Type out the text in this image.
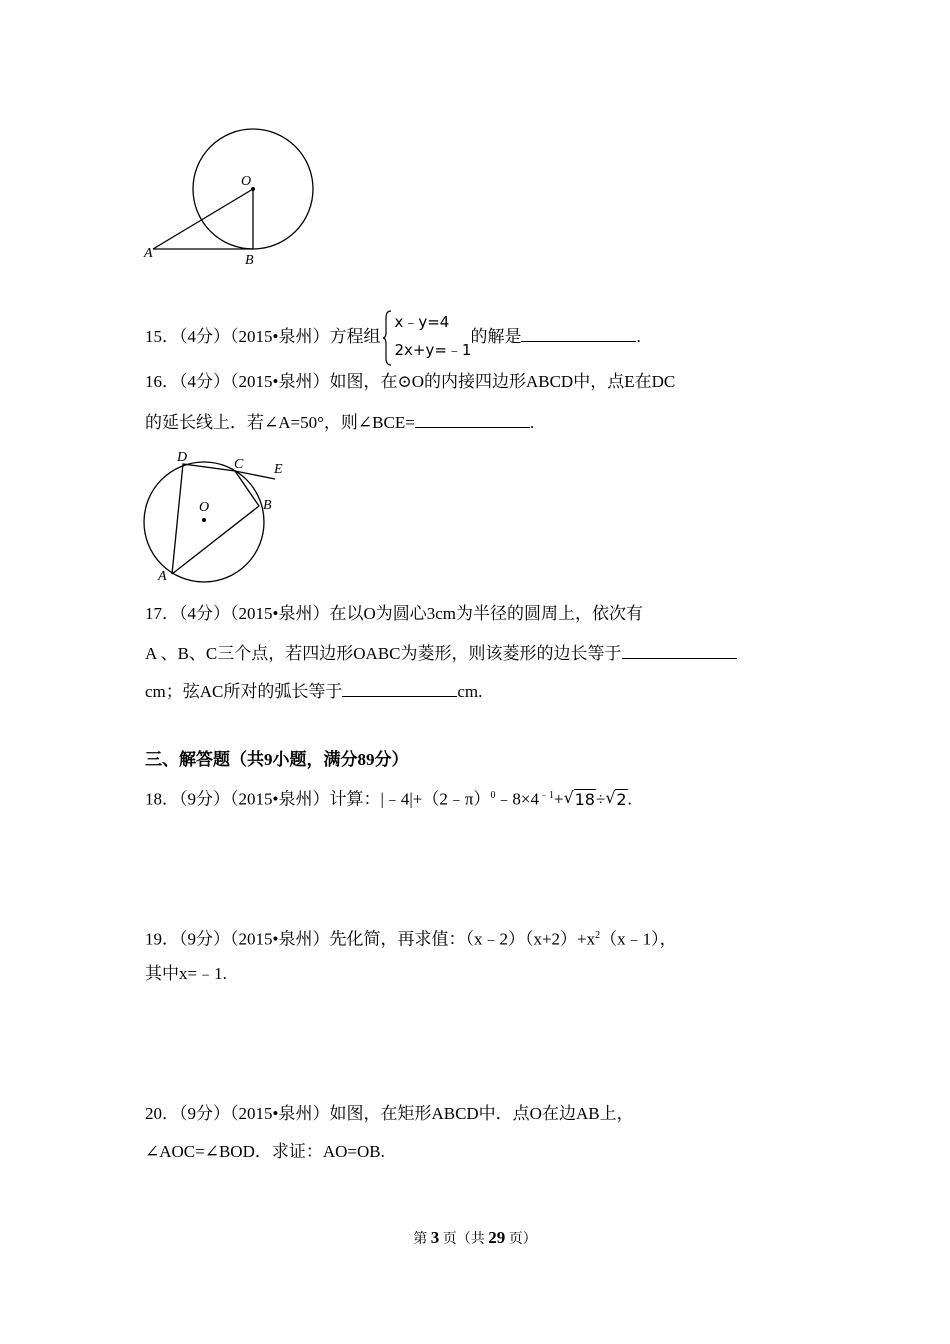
O
A	B
15．（4分）（2015•泉州）方程组
x﹣y=4
2x+y=﹣1
的解是	.
16．（4分）（2015•泉州）如图，在⊙O的内接四边形ABCD中，点E在DC
的延长线上．若∠A=50°，则∠BCE=	.
D	C E
O	B
A
17．（4分）（2015•泉州）在以O为圆心3cm为半径的圆周上，依次有
A 、B、C三个点，若四边形OABC为菱形，则该菱形的边长等于
cm；弦AC所对的弧长等于	cm.
三、解答题（共9小题，满分89分）
18．（9分）（2015•泉州）计算：$|﹣4|+(2﹣\pi)^0﹣8\times 4^{﹣1}+$ √ 18÷ √ 2.
19．（9分）（2015•泉州）先化简，再求值：$(x﹣2)(x+2)+x^2(x﹣1)$，
其中x=﹣1.
20．（9分）（2015•泉州）如图，在矩形ABCD中．点O在边AB上，
∠AOC=∠BOD．求证：AO=OB.
第 3 页（共 29 页）
